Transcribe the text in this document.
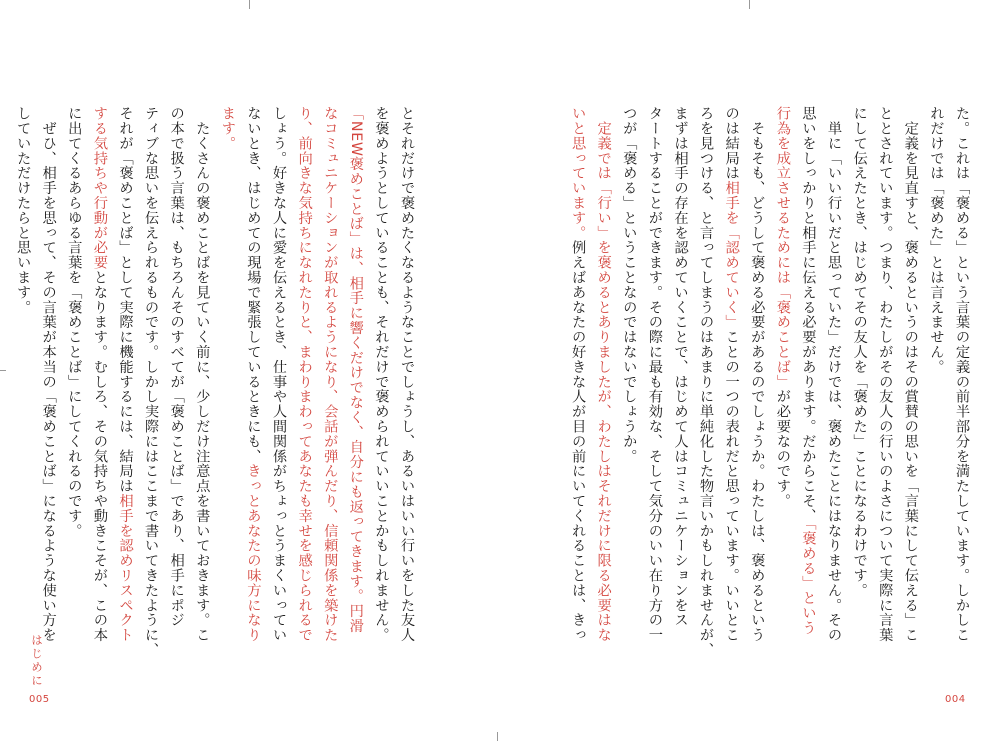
とそれだけで褒めたくなるようなことでしょうし、あるいはいい行いをした友人
を褒めようとしていることも、それだけで褒められていいことかもしれません。
「NEW褒めことば」は、相手に響くだけでなく、自分にも返ってきます。円滑
なコミュニケーションが取れるようになり、会話が弾んだり、信頼関係を築けた
り、前向きな気持ちになれたりと、まわりまわってあなたも幸せを感じられるで
しょう。好きな人に愛を伝えるとき、仕事や人間関係がちょっとうまくいってい
ないとき、はじめての現場で緊張しているときにも、きっとあなたの味方になり
ます。
　たくさんの褒めことばを見ていく前に、少しだけ注意点を書いておきます。こ
の本で扱う言葉は、もちろんそのすべてが「褒めことば」であり、相手にポジ
ティブな思いを伝えられるものです。しかし実際にはここまで書いてきたように、
それが「褒めことば」として実際に機能するには、結局は相手を認めリスペクト
する気持ちや行動が必要となります。むしろ、その気持ちや動きこそが、この本
に出てくるあらゆる言葉を「褒めことば」にしてくれるのです。
　ぜひ、相手を思って、その言葉が本当の「褒めことば」になるような使い方を
していただけたらと思います。
はじめに
005
た。これは「褒める」という言葉の定義の前半部分を満たしています。しかしこ
れだけでは「褒めた」とは言えません。
　定義を見直すと、褒めるというのはその賞賛の思いを「言葉にして伝える」こ
ととされています。つまり、わたしがその友人の行いのよさについて実際に言葉
にして伝えたとき、はじめてその友人を「褒めた」ことになるわけです。
　単に「いい行いだと思っていた」だけでは、褒めたことにはなりません。その
思いをしっかりと相手に伝える必要があります。だからこそ、「褒める」という
行為を成立させるためには「褒めことば」が必要なのです。
　そもそも、どうして褒める必要があるのでしょうか。わたしは、褒めるという
のは結局は相手を「認めていく」ことの一つの表れだと思っています。いいとこ
ろを見つける、と言ってしまうのはあまりに単純化した物言いかもしれませんが、
まずは相手の存在を認めていくことで、はじめて人はコミュニケーションをス
タートすることができます。その際に最も有効な、そして気分のいい在り方の一
つが「褒める」ということなのではないでしょうか。
　定義では「行い」を褒めるとありましたが、わたしはそれだけに限る必要はな
いと思っています。例えばあなたの好きな人が目の前にいてくれることは、きっ
004
